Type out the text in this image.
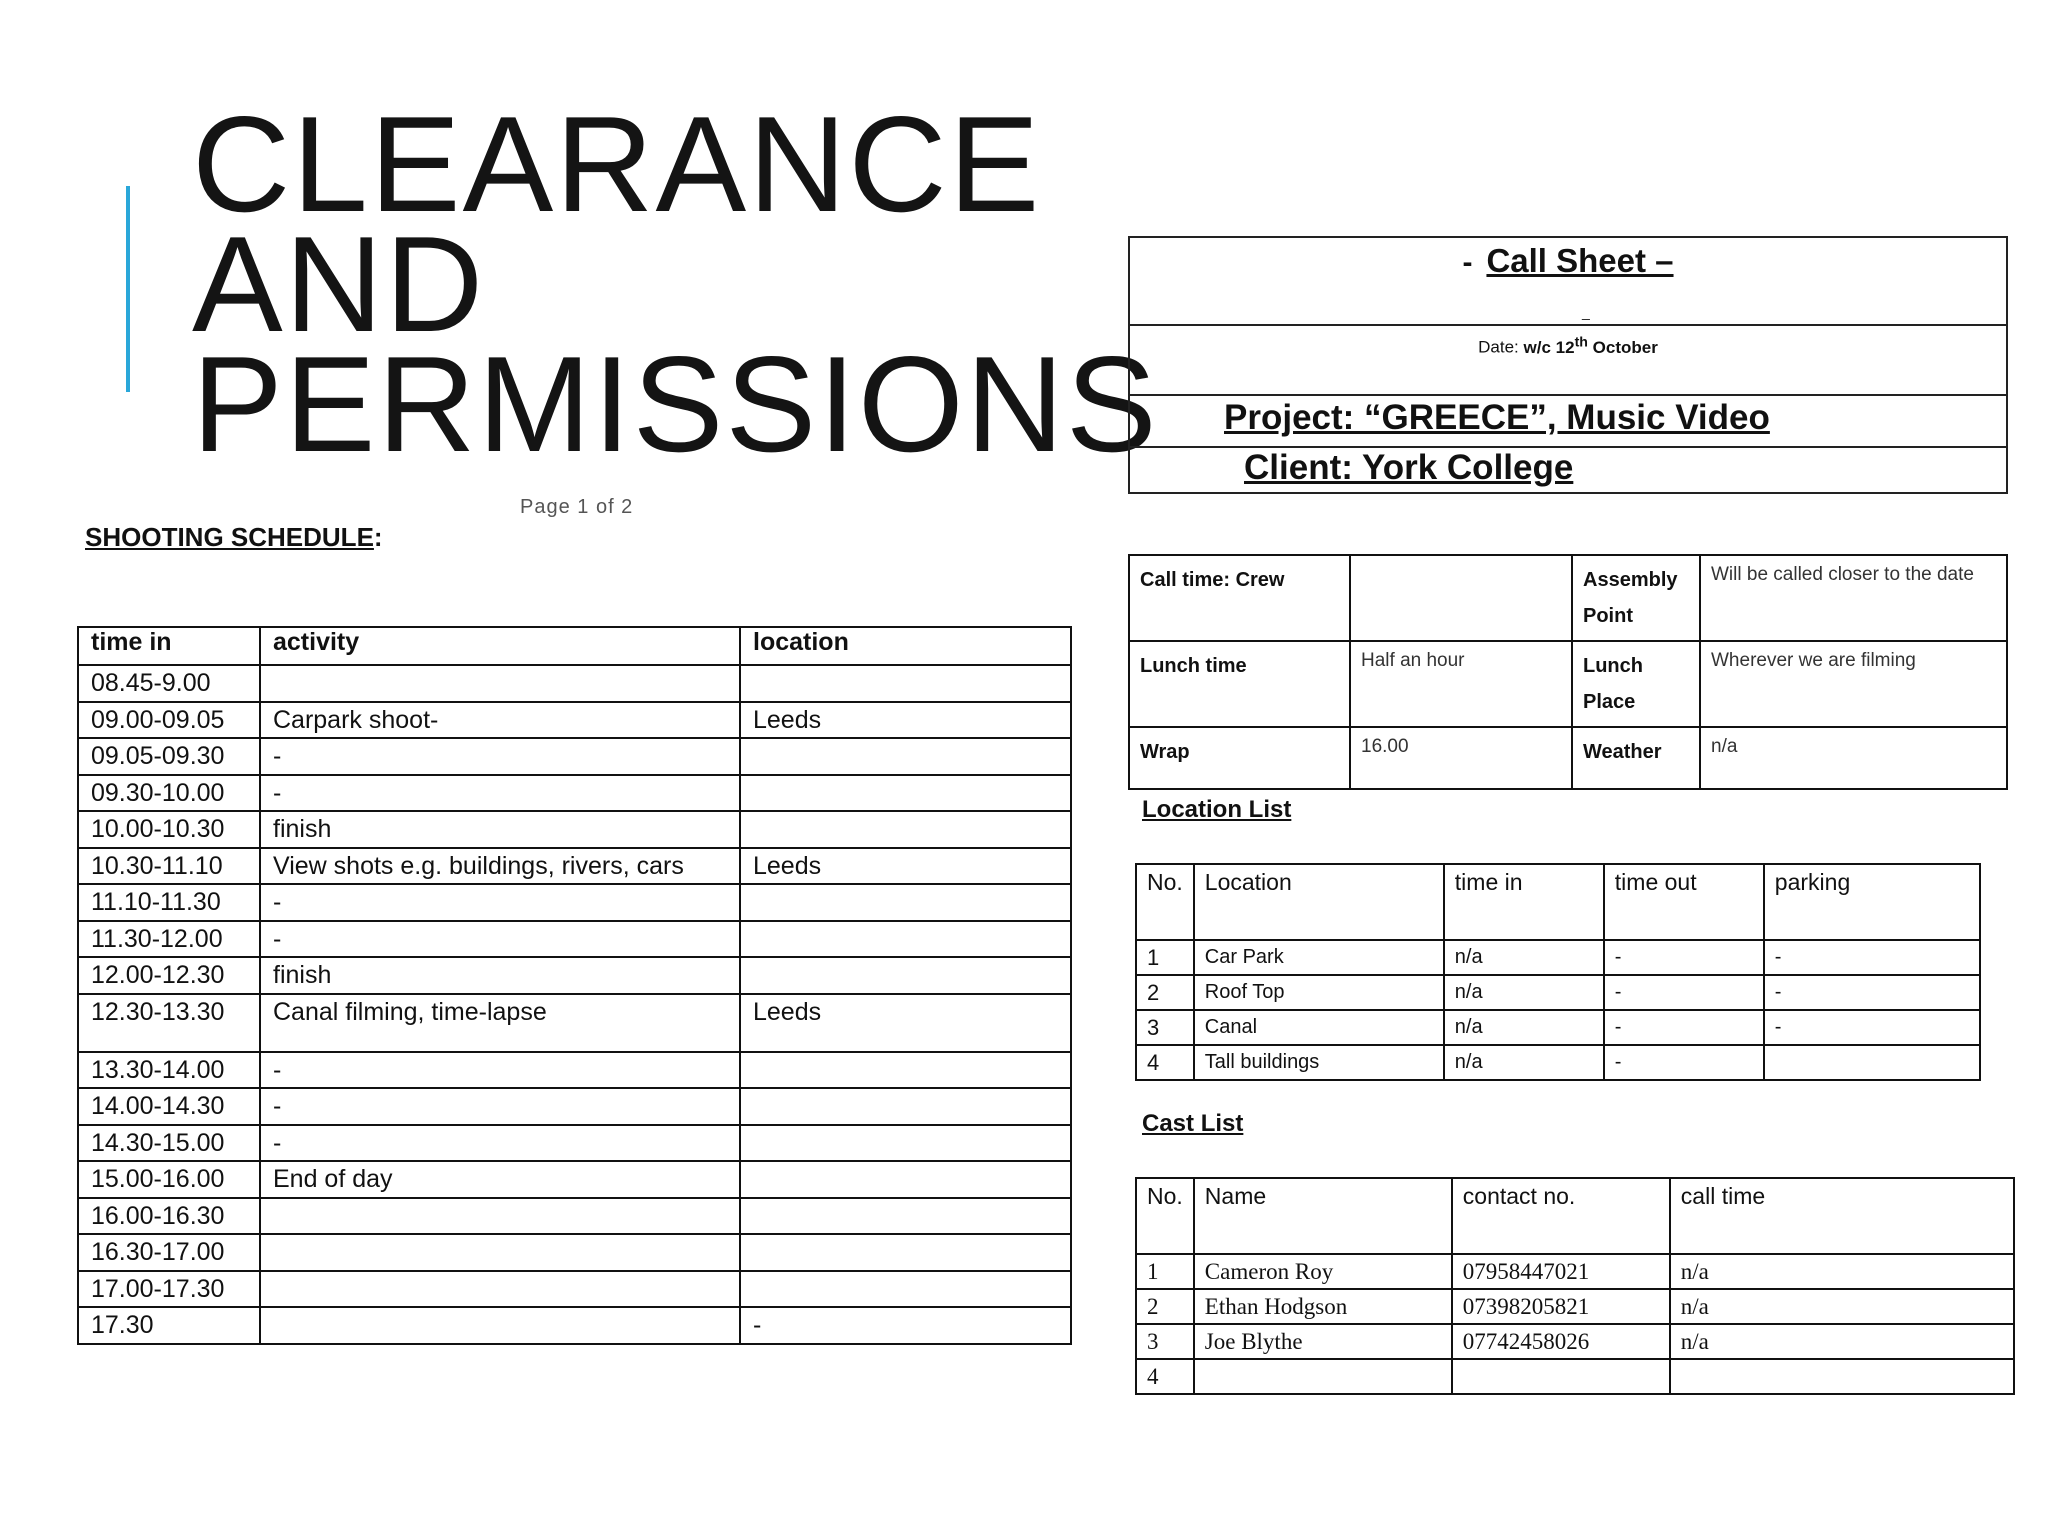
CLEARANCE
AND
PERMISSIONS
Page 1 of 2
SHOOTING SCHEDULE:
time in	activity	location
08.45-9.00		
09.00-09.05	Carpark shoot-	Leeds
09.05-09.30	-	
09.30-10.00	-	
10.00-10.30	finish	
10.30-11.10	View shots e.g. buildings, rivers, cars	Leeds
11.10-11.30	-	
11.30-12.00	-	
12.00-12.30	finish	
12.30-13.30	Canal filming, time-lapse	Leeds
13.30-14.00	-	
14.00-14.30	-	
14.30-15.00	-	
15.00-16.00	End of day	
16.00-16.30		
16.30-17.00		
17.00-17.30		
17.30		-
- Call Sheet –
_
Date: w/c 12th October
Project: “GREECE”, Music Video
Client: York College
Call time: Crew		Assembly Point	Will be called closer to the date
Lunch time	Half an hour	Lunch Place	Wherever we are filming
Wrap	16.00	Weather	n/a
Location List
No.	Location	time in	time out	parking
1	Car Park	n/a	-	-
2	Roof Top	n/a	-	-
3	Canal	n/a	-	-
4	Tall buildings	n/a	-	
Cast List
No.	Name	contact no.	call time
1	Cameron Roy	07958447021	n/a
2	Ethan Hodgson	07398205821	n/a
3	Joe Blythe	07742458026	n/a
4			
